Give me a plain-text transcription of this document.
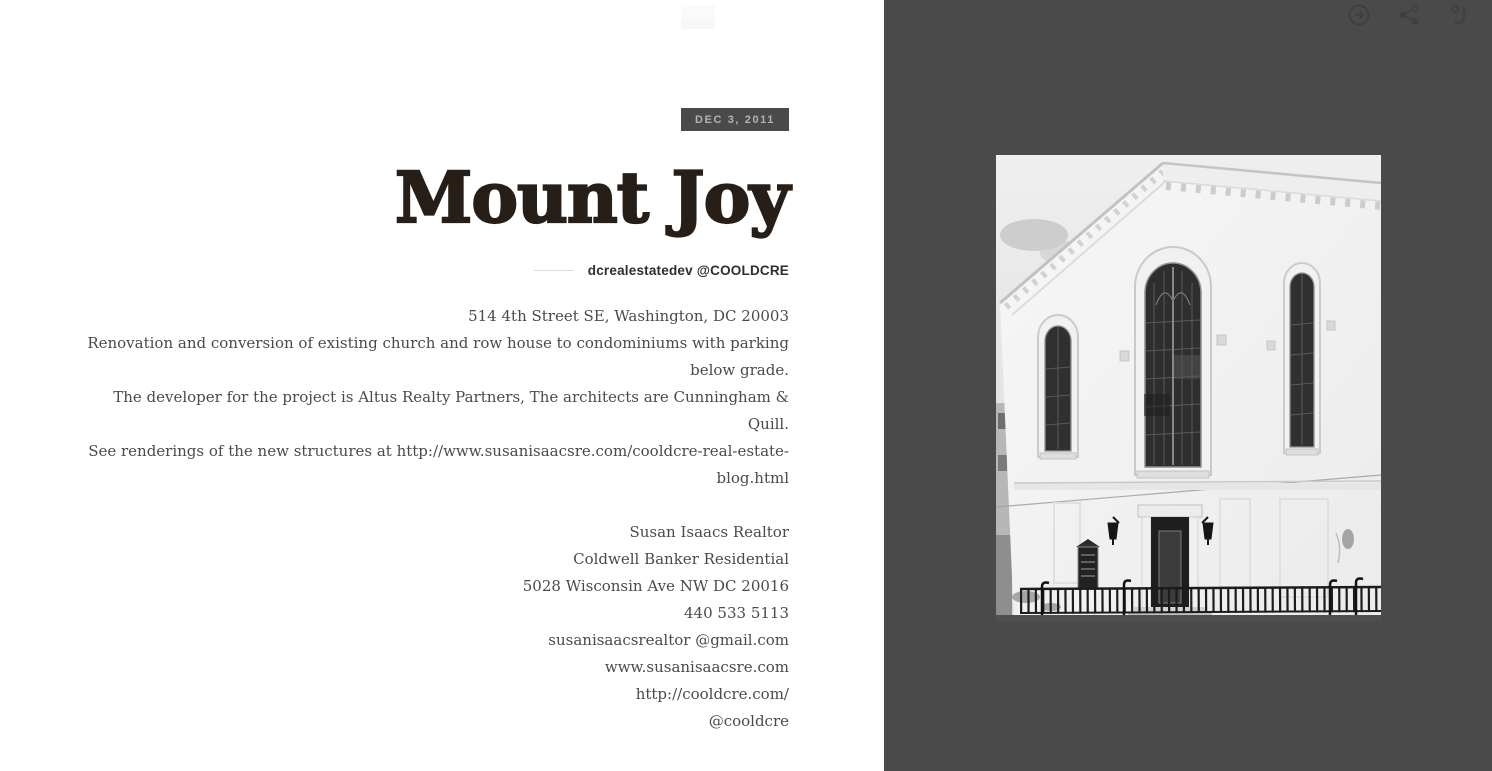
DEC 3, 2011
Mount Joy
dcrealestatedev @COOLDCRE
514 4th Street SE, Washington, DC 20003
Renovation and conversion of existing church and row house to condominiums with parking below grade.
The developer for the project is Altus Realty Partners, The architects are Cunningham & Quill.
See renderings of the new structures at http://www.susanisaacsre.com/cooldcre-real-estate-blog.html
Susan Isaacs Realtor
Coldwell Banker Residential
5028 Wisconsin Ave NW DC 20016
440 533 5113
susanisaacsrealtor @gmail.com
www.susanisaacsre.com
http://cooldcre.com/
@cooldcre
